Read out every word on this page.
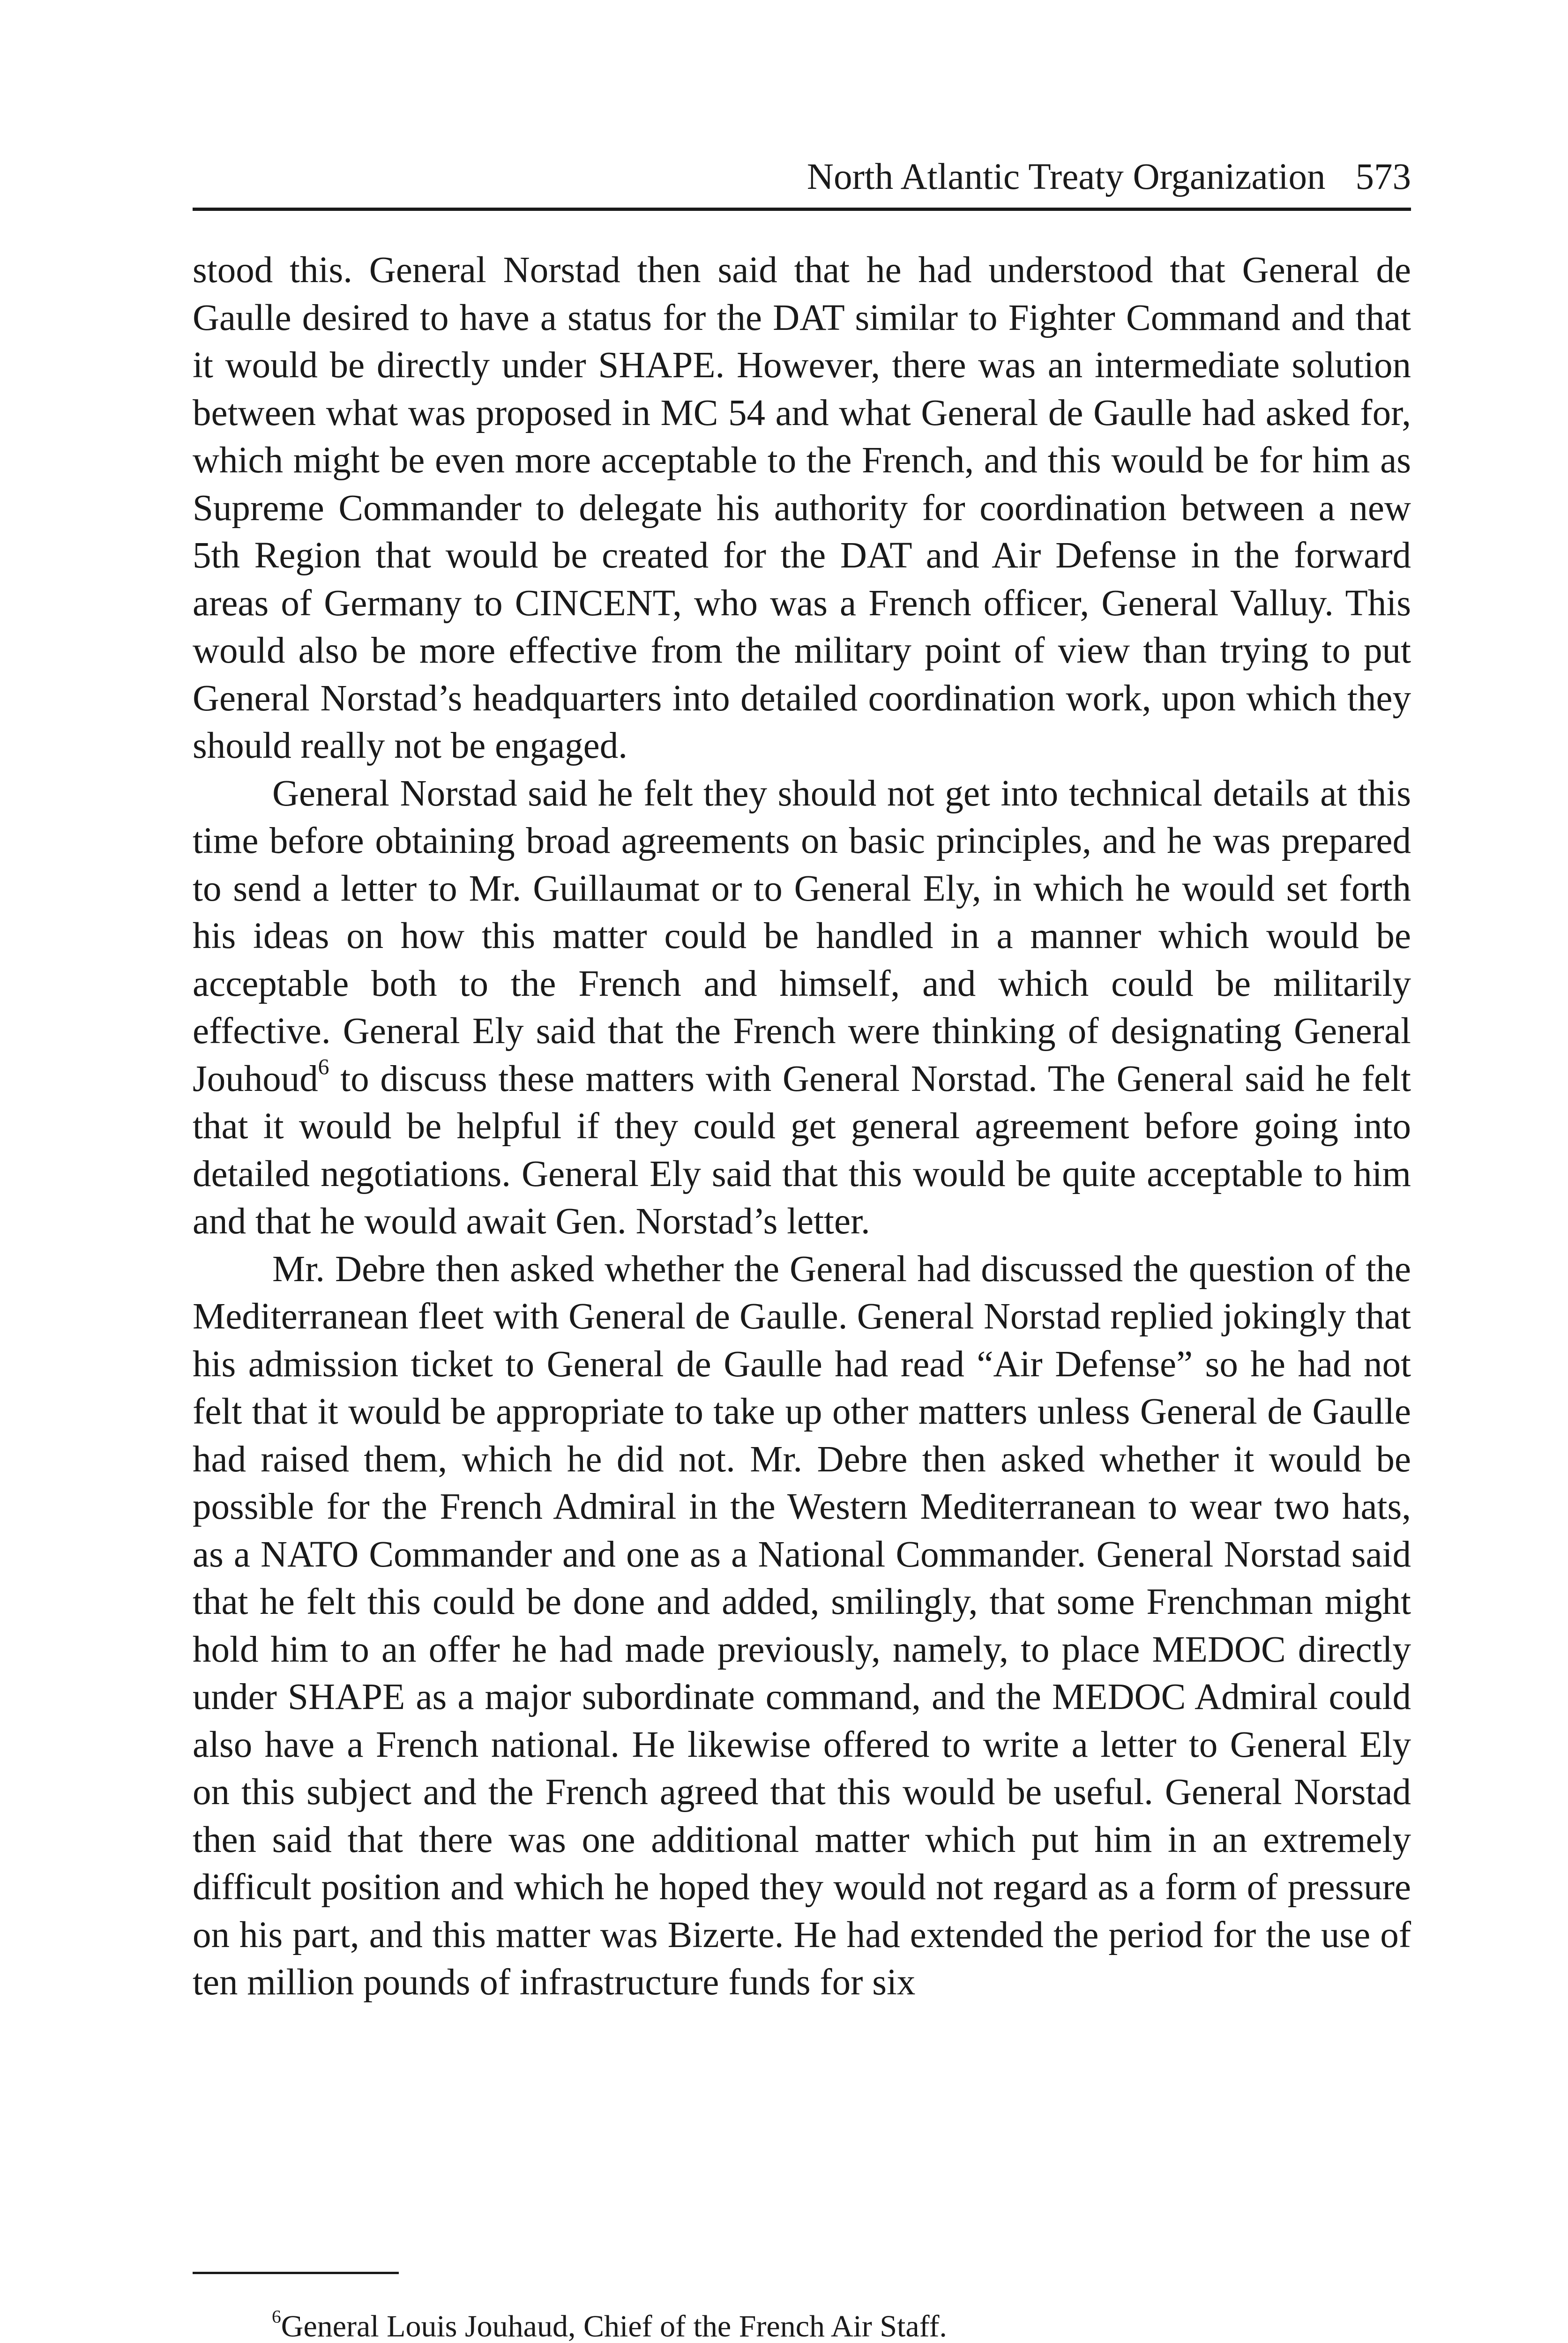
North Atlantic Treaty Organization 573

stood this. General Norstad then said that he had understood that General de Gaulle desired to have a status for the DAT similar to Fighter Command and that it would be directly under SHAPE. However, there was an intermediate solution between what was proposed in MC 54 and what General de Gaulle had asked for, which might be even more acceptable to the French, and this would be for him as Supreme Commander to delegate his authority for coordination between a new 5th Region that would be created for the DAT and Air Defense in the forward areas of Germany to CINCENT, who was a French officer, General Valluy. This would also be more effective from the military point of view than trying to put General Norstad’s headquarters into detailed coordination work, upon which they should really not be engaged.

General Norstad said he felt they should not get into technical details at this time before obtaining broad agreements on basic principles, and he was prepared to send a letter to Mr. Guillaumat or to General Ely, in which he would set forth his ideas on how this matter could be handled in a manner which would be acceptable both to the French and himself, and which could be militarily effective. General Ely said that the French were thinking of designating General Jouhoud$^6$ to discuss these matters with General Norstad. The General said he felt that it would be helpful if they could get general agreement before going into detailed negotiations. General Ely said that this would be quite acceptable to him and that he would await Gen. Norstad’s letter.

Mr. Debre then asked whether the General had discussed the question of the Mediterranean fleet with General de Gaulle. General Norstad replied jokingly that his admission ticket to General de Gaulle had read “Air Defense” so he had not felt that it would be appropriate to take up other matters unless General de Gaulle had raised them, which he did not. Mr. Debre then asked whether it would be possible for the French Admiral in the Western Mediterranean to wear two hats, as a NATO Commander and one as a National Commander. General Norstad said that he felt this could be done and added, smilingly, that some Frenchman might hold him to an offer he had made previously, namely, to place MEDOC directly under SHAPE as a major subordinate command, and the MEDOC Admiral could also have a French national. He likewise offered to write a letter to General Ely on this subject and the French agreed that this would be useful. General Norstad then said that there was one additional matter which put him in an extremely difficult position and which he hoped they would not regard as a form of pressure on his part, and this matter was Bizerte. He had extended the period for the use of ten million pounds of infrastructure funds for six

$^6$General Louis Jouhaud, Chief of the French Air Staff.
